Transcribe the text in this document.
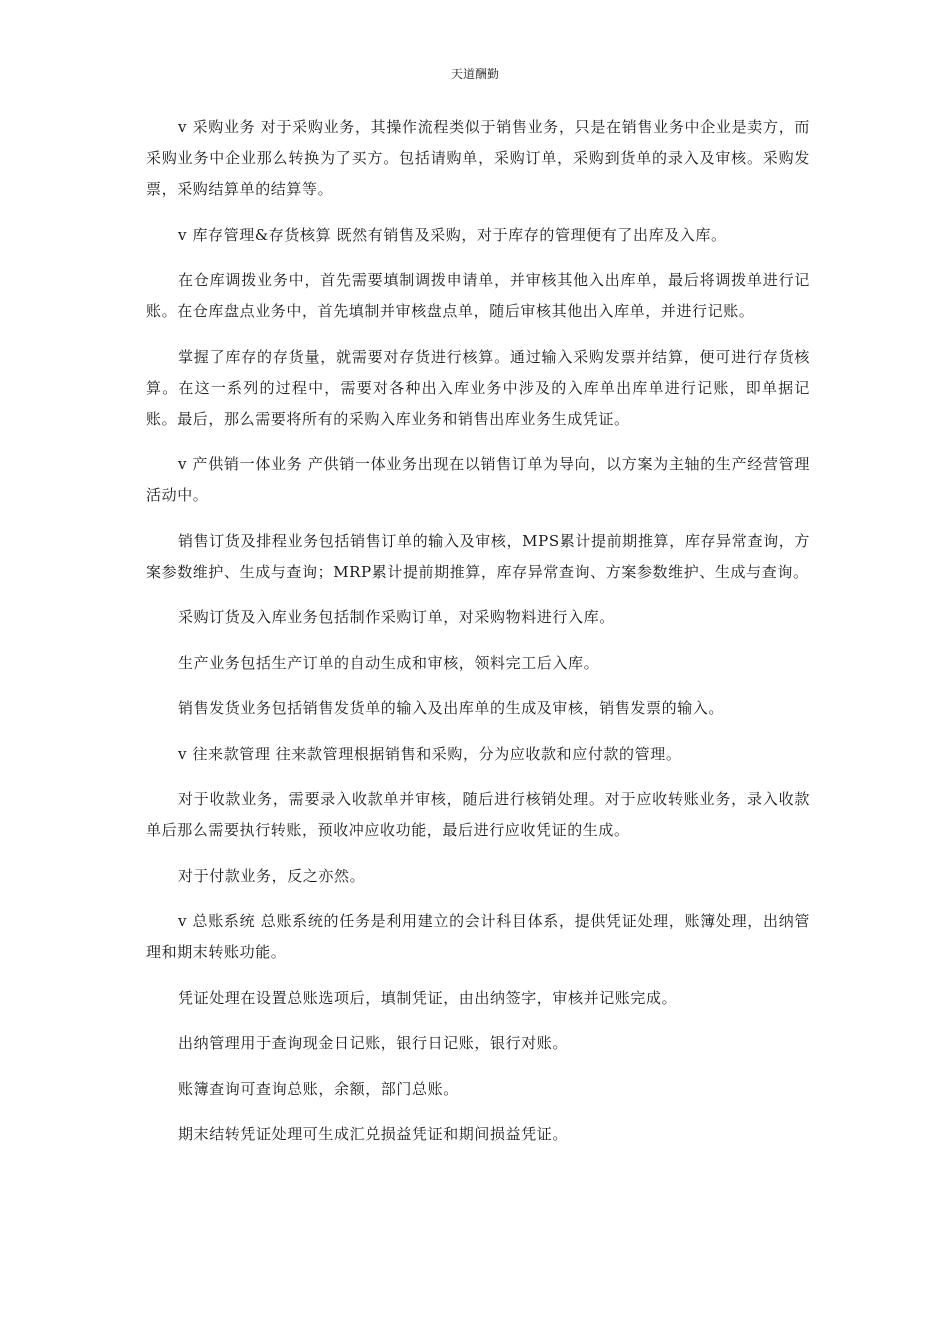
天道酬勤

v 采购业务 对于采购业务，其操作流程类似于销售业务，只是在销售业务中企业是卖方，而采购业务中企业那么转换为了买方。包括请购单，采购订单，采购到货单的录入及审核。采购发票，采购结算单的结算等。

v 库存管理&存货核算 既然有销售及采购，对于库存的管理便有了出库及入库。

在仓库调拨业务中，首先需要填制调拨申请单，并审核其他入出库单，最后将调拨单进行记账。在仓库盘点业务中，首先填制并审核盘点单，随后审核其他出入库单，并进行记账。

掌握了库存的存货量，就需要对存货进行核算。通过输入采购发票并结算，便可进行存货核算。在这一系列的过程中，需要对各种出入库业务中涉及的入库单出库单进行记账，即单据记账。最后，那么需要将所有的采购入库业务和销售出库业务生成凭证。

v 产供销一体业务 产供销一体业务出现在以销售订单为导向，以方案为主轴的生产经营管理活动中。

销售订货及排程业务包括销售订单的输入及审核，MPS累计提前期推算，库存异常查询，方案参数维护、生成与查询；MRP累计提前期推算，库存异常查询、方案参数维护、生成与查询。

采购订货及入库业务包括制作采购订单，对采购物料进行入库。

生产业务包括生产订单的自动生成和审核，领料完工后入库。

销售发货业务包括销售发货单的输入及出库单的生成及审核，销售发票的输入。

v 往来款管理 往来款管理根据销售和采购，分为应收款和应付款的管理。

对于收款业务，需要录入收款单并审核，随后进行核销处理。对于应收转账业务，录入收款单后那么需要执行转账，预收冲应收功能，最后进行应收凭证的生成。

对于付款业务，反之亦然。

v 总账系统 总账系统的任务是利用建立的会计科目体系，提供凭证处理，账簿处理，出纳管理和期末转账功能。

凭证处理在设置总账选项后，填制凭证，由出纳签字，审核并记账完成。

出纳管理用于查询现金日记账，银行日记账，银行对账。

账簿查询可查询总账，余额，部门总账。

期末结转凭证处理可生成汇兑损益凭证和期间损益凭证。
